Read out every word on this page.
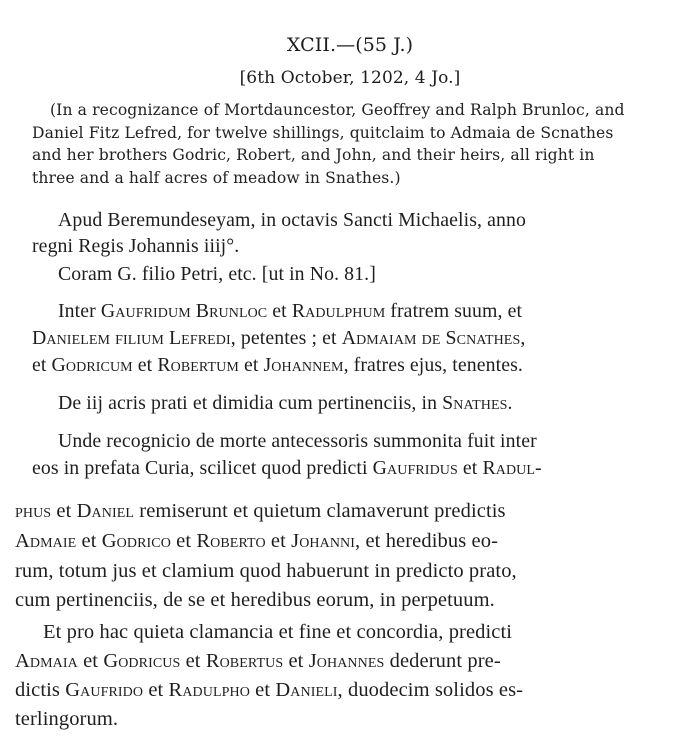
XCII.—(55 J.)
[6th October, 1202, 4 Jo.]
(In a recognizance of Mortdauncestor, Geoffrey and Ralph Brunloc, and
Daniel Fitz Lefred, for twelve shillings, quitclaim to Admaia de Scnathes
and her brothers Godric, Robert, and John, and their heirs, all right in
three and a half acres of meadow in Snathes.)
Apud Beremundeseyam, in octavis Sancti Michaelis, anno
regni Regis Johannis iiij°.
Coram G. filio Petri, etc. [ut in No. 81.]
Inter Gaufridum Brunloc et Radulphum fratrem suum, et
Danielem filium Lefredi, petentes ; et Admaiam de Scnathes,
et Godricum et Robertum et Johannem, fratres ejus, tenentes.
De iij acris prati et dimidia cum pertinenciis, in Snathes.
Unde recognicio de morte antecessoris summonita fuit inter
eos in prefata Curia, scilicet quod predicti Gaufridus et Radul-
phus et Daniel remiserunt et quietum clamaverunt predictis
Admaie et Godrico et Roberto et Johanni, et heredibus eo-
rum, totum jus et clamium quod habuerunt in predicto prato,
cum pertinenciis, de se et heredibus eorum, in perpetuum.
Et pro hac quieta clamancia et fine et concordia, predicti
Admaia et Godricus et Robertus et Johannes dederunt pre-
dictis Gaufrido et Radulpho et Danieli, duodecim solidos es-
terlingorum.
